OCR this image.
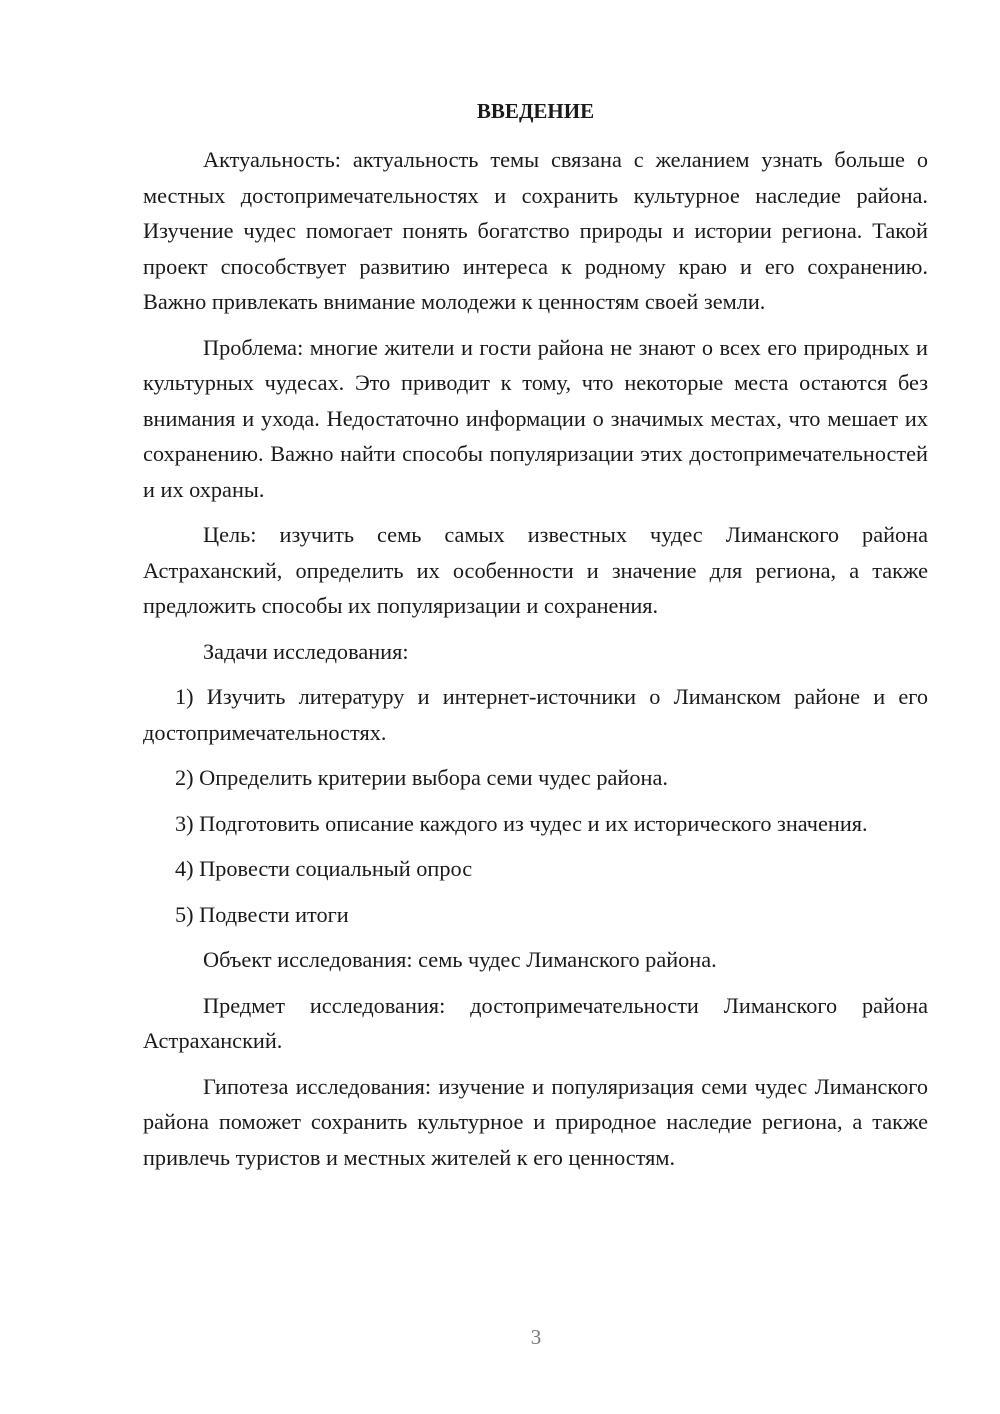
ВВЕДЕНИЕ

Актуальность: актуальность темы связана с желанием узнать больше о местных достопримечательностях и сохранить культурное наследие района. Изучение чудес помогает понять богатство природы и истории региона. Такой проект способствует развитию интереса к родному краю и его сохранению. Важно привлекать внимание молодежи к ценностям своей земли.

Проблема: многие жители и гости района не знают о всех его природных и культурных чудесах. Это приводит к тому, что некоторые места остаются без внимания и ухода. Недостаточно информации о значимых местах, что мешает их сохранению. Важно найти способы популяризации этих достопримечательностей и их охраны.

Цель: изучить семь самых известных чудес Лиманского района Астраханский, определить их особенности и значение для региона, а также предложить способы их популяризации и сохранения.

Задачи исследования:

1) Изучить литературу и интернет-источники о Лиманском районе и его достопримечательностях.

2) Определить критерии выбора семи чудес района.

3) Подготовить описание каждого из чудес и их исторического значения.

4) Провести социальный опрос

5) Подвести итоги

Объект исследования: семь чудес Лиманского района.

Предмет исследования: достопримечательности Лиманского района Астраханский.

Гипотеза исследования: изучение и популяризация семи чудес Лиманского района поможет сохранить культурное и природное наследие региона, а также привлечь туристов и местных жителей к его ценностям.

3
